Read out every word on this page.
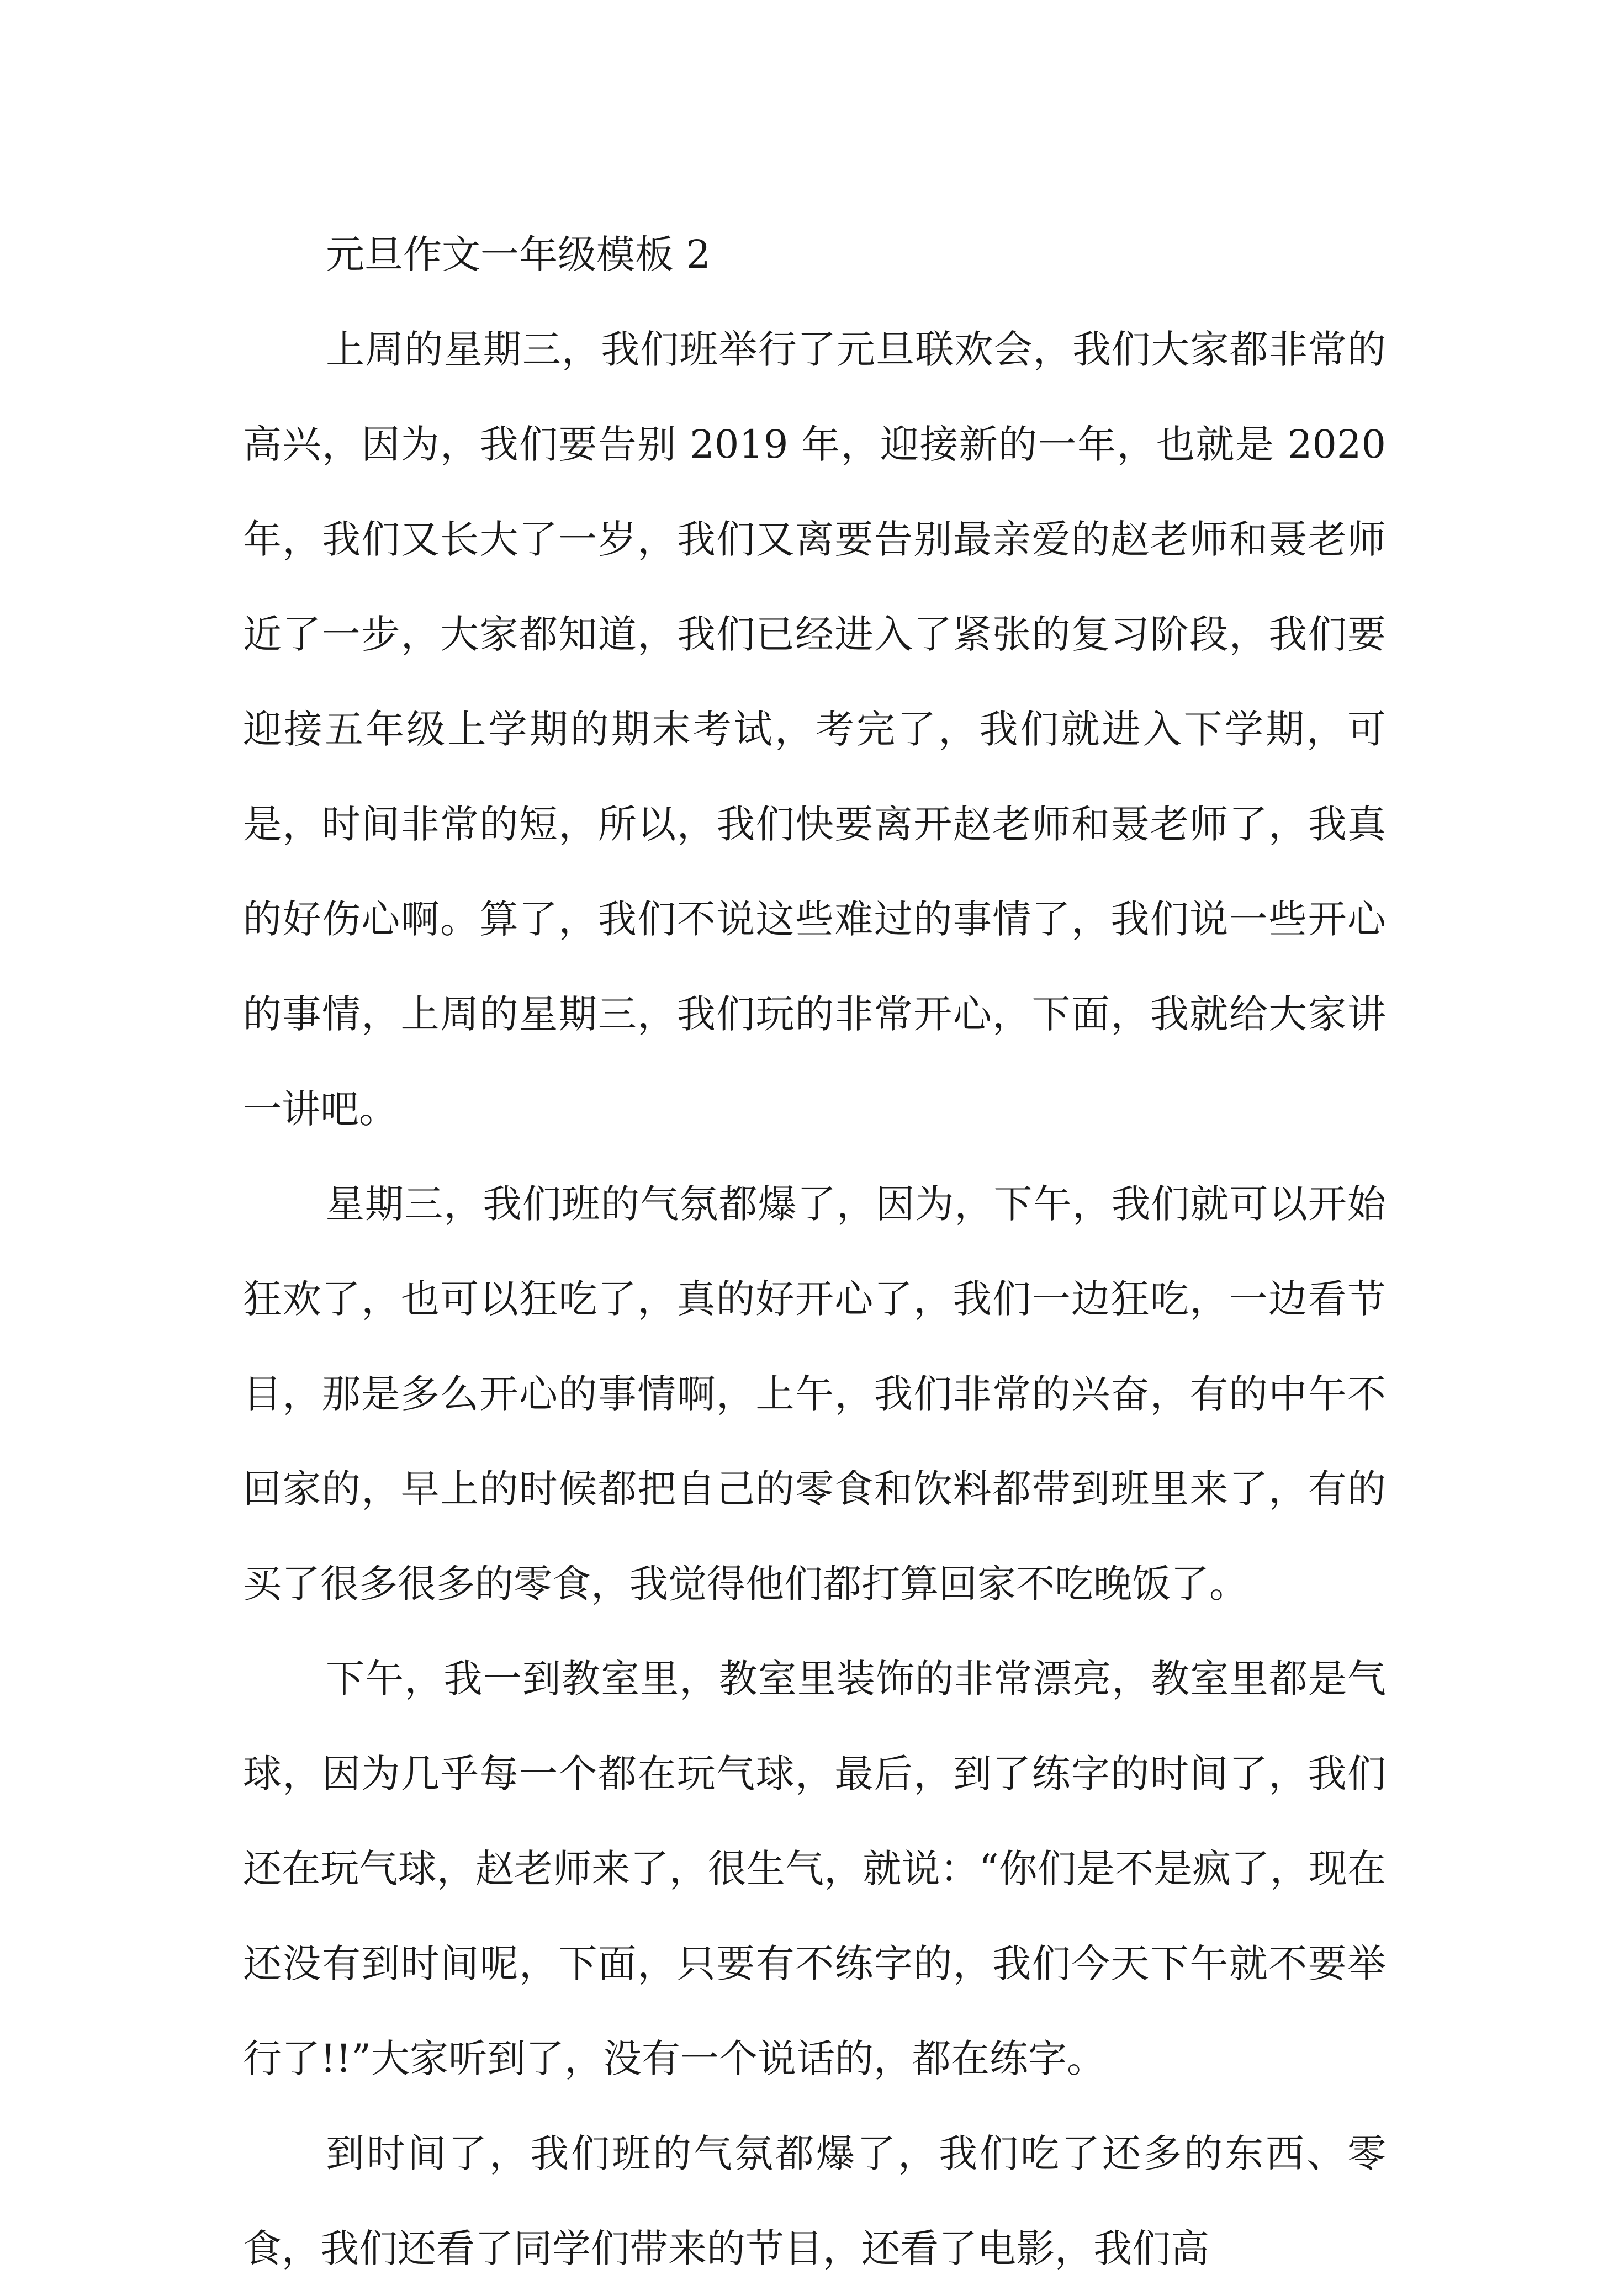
元旦作文一年级模板 2

上周的星期三，我们班举行了元旦联欢会，我们大家都非常的高兴，因为，我们要告别 2019 年，迎接新的一年，也就是 2020 年，我们又长大了一岁，我们又离要告别最亲爱的赵老师和聂老师近了一步，大家都知道，我们已经进入了紧张的复习阶段，我们要迎接五年级上学期的期末考试，考完了，我们就进入下学期，可是，时间非常的短，所以，我们快要离开赵老师和聂老师了，我真的好伤心啊。算了，我们不说这些难过的事情了，我们说一些开心的事情，上周的星期三，我们玩的非常开心，下面，我就给大家讲一讲吧。

星期三，我们班的气氛都爆了，因为，下午，我们就可以开始狂欢了，也可以狂吃了，真的好开心了，我们一边狂吃，一边看节目，那是多么开心的事情啊，上午，我们非常的兴奋，有的中午不回家的，早上的时候都把自己的零食和饮料都带到班里来了，有的买了很多很多的零食，我觉得他们都打算回家不吃晚饭了。

下午，我一到教室里，教室里装饰的非常漂亮，教室里都是气球，因为几乎每一个都在玩气球，最后，到了练字的时间了，我们还在玩气球，赵老师来了，很生气，就说：“你们是不是疯了，现在还没有到时间呢，下面，只要有不练字的，我们今天下午就不要举行了!!”大家听到了，没有一个说话的，都在练字。

到时间了，我们班的气氛都爆了，我们吃了还多的东西、零食，我们还看了同学们带来的节目，还看了电影，我们高
